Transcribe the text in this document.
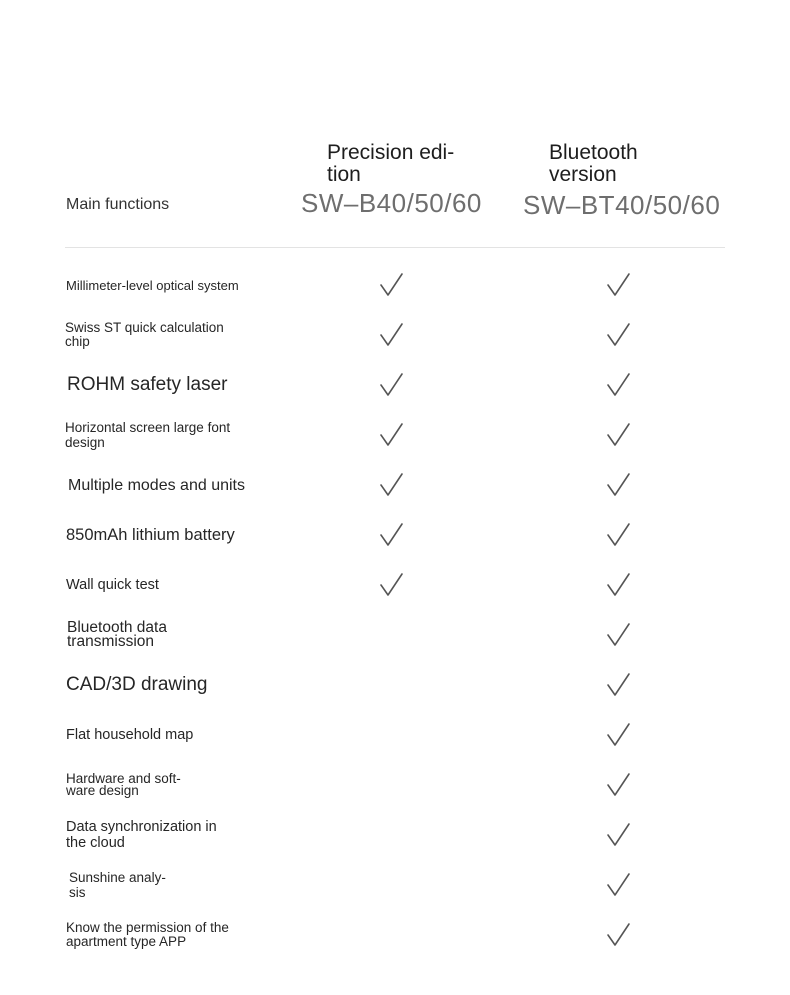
Main functions

Precision edi-
tion

SW–B40/50/60

Bluetooth
version

SW–BT40/50/60

Millimeter-level optical system
Swiss ST quick calculation
chip
ROHM safety laser
Horizontal screen large font
design
Multiple modes and units
850mAh lithium battery
Wall quick test
Bluetooth data
transmission
CAD/3D drawing
Flat household map
Hardware and soft-
ware design
Data synchronization in
the cloud
Sunshine analy-
sis
Know the permission of the
apartment type APP
